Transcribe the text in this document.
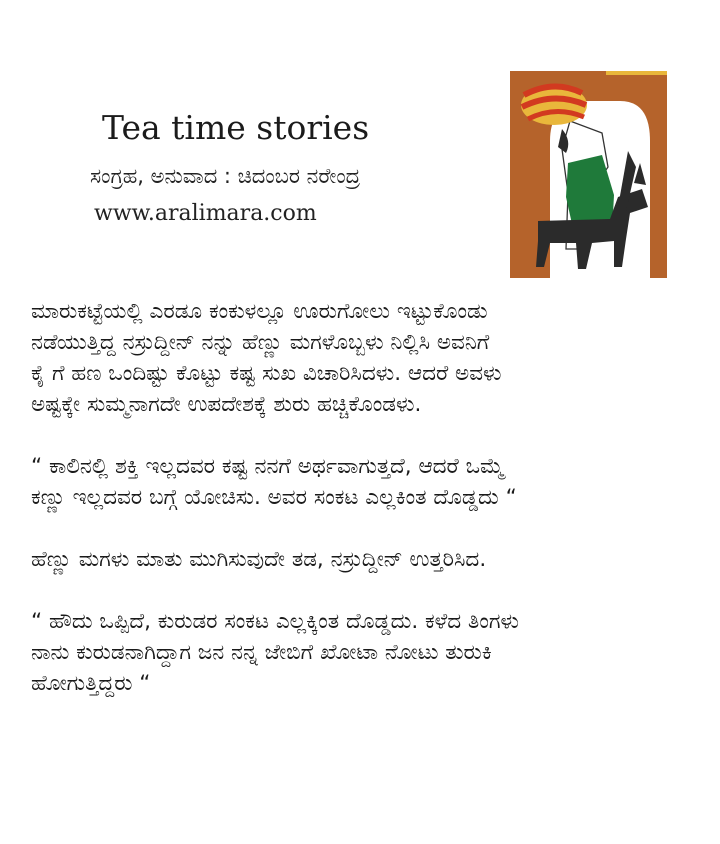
Tea time stories
ಸಂಗ್ರಹ, ಅನುವಾದ : ಚಿದಂಬರ ನರೇಂದ್ರ
www.aralimara.com

ಮಾರುಕಟ್ಟೆಯಲ್ಲಿ ಎರಡೂ ಕಂಕುಳಲ್ಲೂ ಊರುಗೋಲು ಇಟ್ಟುಕೊಂಡು
ನಡೆಯುತ್ತಿದ್ದ ನಸ್ರುದ್ದೀನ್ ನನ್ನು ಹೆಣ್ಣು ಮಗಳೊಬ್ಬಳು ನಿಲ್ಲಿಸಿ ಅವನಿಗೆ
ಕೈ ಗೆ ಹಣ ಒಂದಿಷ್ಟು ಕೊಟ್ಟು ಕಷ್ಟ ಸುಖ ವಿಚಾರಿಸಿದಳು. ಆದರೆ ಅವಳು
ಅಷ್ಟಕ್ಕೇ ಸುಮ್ಮನಾಗದೇ ಉಪದೇಶಕ್ಕೆ ಶುರು ಹಚ್ಚಿಕೊಂಡಳು.

“ ಕಾಲಿನಲ್ಲಿ ಶಕ್ತಿ ಇಲ್ಲದವರ ಕಷ್ಟ ನನಗೆ ಅರ್ಥವಾಗುತ್ತದೆ, ಆದರೆ ಒಮ್ಮೆ
ಕಣ್ಣು ಇಲ್ಲದವರ ಬಗ್ಗೆ ಯೋಚಿಸು. ಅವರ ಸಂಕಟ ಎಲ್ಲಕಿಂತ ದೊಡ್ಡದು “

ಹೆಣ್ಣು ಮಗಳು ಮಾತು ಮುಗಿಸುವುದೇ ತಡ, ನಸ್ರುದ್ದೀನ್ ಉತ್ತರಿಸಿದ.

“ ಹೌದು ಒಪ್ಪಿದೆ, ಕುರುಡರ ಸಂಕಟ ಎಲ್ಲಕ್ಕಿಂತ ದೊಡ್ಡದು. ಕಳೆದ ತಿಂಗಳು
ನಾನು ಕುರುಡನಾಗಿದ್ದಾಗ ಜನ ನನ್ನ ಜೇಬಿಗೆ ಖೋಟಾ ನೋಟು ತುರುಕಿ
ಹೋಗುತ್ತಿದ್ದರು “
